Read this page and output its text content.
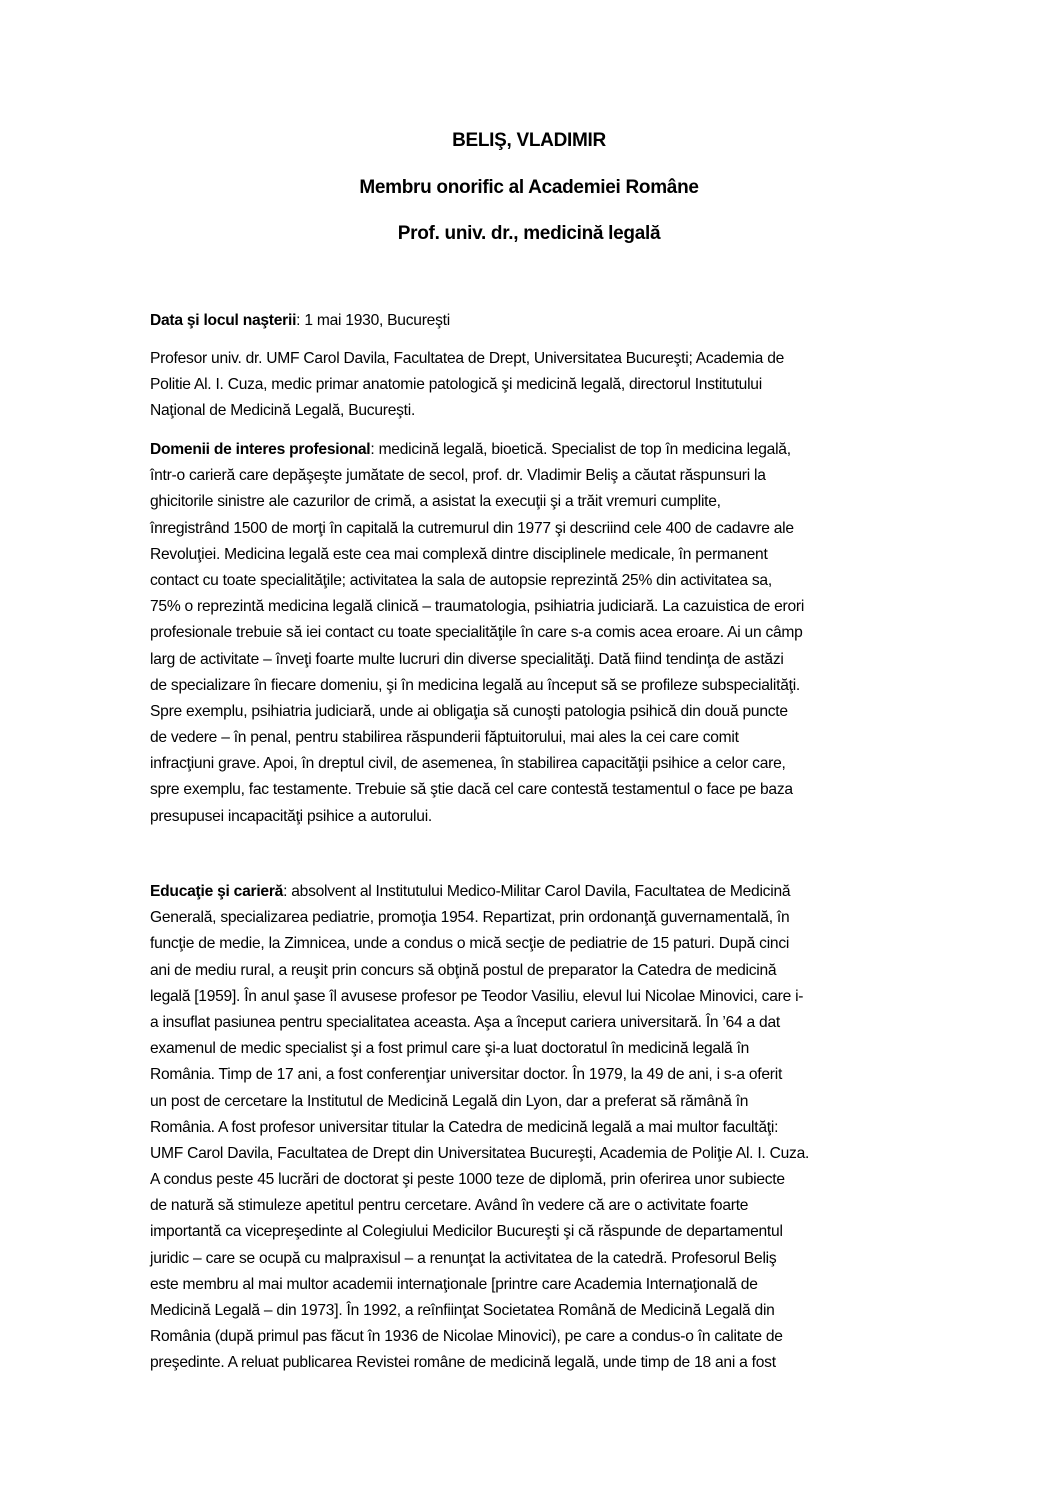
BELIŞ, VLADIMIR
Membru onorific al Academiei Române
Prof. univ. dr., medicină legală
Data şi locul naşterii: 1 mai 1930, Bucureşti
Profesor univ. dr. UMF Carol Davila, Facultatea de Drept, Universitatea Bucureşti; Academia de
Politie Al. I. Cuza, medic primar anatomie patologică şi medicină legală, directorul Institutului
Naţional de Medicină Legală, Bucureşti.
Domenii de interes profesional: medicină legală, bioetică. Specialist de top în medicina legală,
într-o carieră care depăşeşte jumătate de secol, prof. dr. Vladimir Beliş a căutat răspunsuri la
ghicitorile sinistre ale cazurilor de crimă, a asistat la execuţii şi a trăit vremuri cumplite,
înregistrând 1500 de morţi în capitală la cutremurul din 1977 şi descriind cele 400 de cadavre ale
Revoluţiei. Medicina legală este cea mai complexă dintre disciplinele medicale, în permanent
contact cu toate specialităţile; activitatea la sala de autopsie reprezintă 25% din activitatea sa,
75% o reprezintă medicina legală clinică – traumatologia, psihiatria judiciară. La cazuistica de erori
profesionale trebuie să iei contact cu toate specialităţile în care s-a comis acea eroare. Ai un câmp
larg de activitate – înveţi foarte multe lucruri din diverse specialităţi. Dată fiind tendinţa de astăzi
de specializare în fiecare domeniu, şi în medicina legală au început să se profileze subspecialităţi.
Spre exemplu, psihiatria judiciară, unde ai obligaţia să cunoşti patologia psihică din două puncte
de vedere – în penal, pentru stabilirea răspunderii făptuitorului, mai ales la cei care comit
infracţiuni grave. Apoi, în dreptul civil, de asemenea, în stabilirea capacităţii psihice a celor care,
spre exemplu, fac testamente. Trebuie să ştie dacă cel care contestă testamentul o face pe baza
presupusei incapacităţi psihice a autorului.
Educaţie şi carieră: absolvent al Institutului Medico-Militar Carol Davila, Facultatea de Medicină
Generală, specializarea pediatrie, promoţia 1954. Repartizat, prin ordonanţă guvernamentală, în
funcţie de medie, la Zimnicea, unde a condus o mică secţie de pediatrie de 15 paturi. După cinci
ani de mediu rural, a reuşit prin concurs să obţină postul de preparator la Catedra de medicină
legală [1959]. În anul şase îl avusese profesor pe Teodor Vasiliu, elevul lui Nicolae Minovici, care i-
a insuflat pasiunea pentru specialitatea aceasta. Aşa a început cariera universitară. În ’64 a dat
examenul de medic specialist şi a fost primul care şi-a luat doctoratul în medicină legală în
România. Timp de 17 ani, a fost conferenţiar universitar doctor. În 1979, la 49 de ani, i s-a oferit
un post de cercetare la Institutul de Medicină Legală din Lyon, dar a preferat să rămână în
România. A fost profesor universitar titular la Catedra de medicină legală a mai multor facultăţi:
UMF Carol Davila, Facultatea de Drept din Universitatea Bucureşti, Academia de Poliţie Al. I. Cuza.
A condus peste 45 lucrări de doctorat şi peste 1000 teze de diplomă, prin oferirea unor subiecte
de natură să stimuleze apetitul pentru cercetare. Având în vedere că are o activitate foarte
importantă ca vicepreşedinte al Colegiului Medicilor Bucureşti şi că răspunde de departamentul
juridic – care se ocupă cu malpraxisul – a renunţat la activitatea de la catedră. Profesorul Beliş
este membru al mai multor academii internaţionale [printre care Academia Internaţională de
Medicină Legală – din 1973]. În 1992, a reînfiinţat Societatea Română de Medicină Legală din
România (după primul pas făcut în 1936 de Nicolae Minovici), pe care a condus-o în calitate de
preşedinte. A reluat publicarea Revistei române de medicină legală, unde timp de 18 ani a fost
